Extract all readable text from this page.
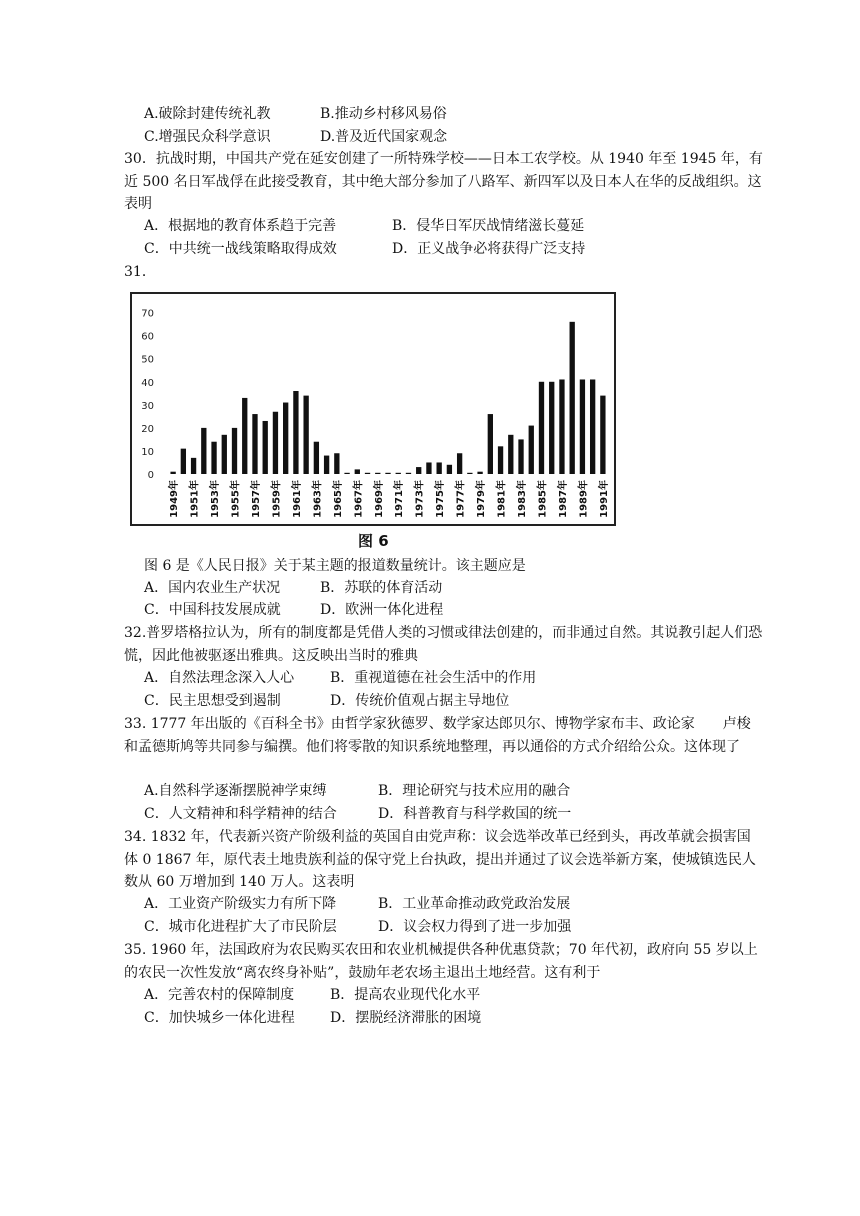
A.破除封建传统礼教	B.推动乡村移风易俗
C.增强民众科学意识	D.普及近代国家观念
30．抗战时期，中国共产党在延安创建了一所特殊学校——日本工农学校。从 1940 年至 1945 年，有近 500 名日军战俘在此接受教育，其中绝大部分参加了八路军、新四军以及日本人在华的反战组织。这表明
A．根据地的教育体系趋于完善	B．侵华日军厌战情绪滋长蔓延
C．中共统一战线策略取得成效	D．正义战争必将获得广泛支持
31．
0
10
20
30
40
50
60
70
1949年 1951年 1953年 1955年 1957年 1959年 1961年 1963年 1965年 1967年 1969年 1971年 1973年 1975年 1977年 1979年 1981年 1983年 1985年 1987年 1989年 1991年
图 6
图 6 是《人民日报》关于某主题的报道数量统计。该主题应是
A．国内农业生产状况	B．苏联的体育活动
C．中国科技发展成就	D．欧洲一体化进程
32.普罗塔格拉认为，所有的制度都是凭借人类的习惯或律法创建的，而非通过自然。其说教引起人们恐慌，因此他被驱逐出雅典。这反映出当时的雅典
A．自然法理念深入人心	B．重视道德在社会生活中的作用
C．民主思想受到遏制	D．传统价值观占据主导地位
33. 1777 年出版的《百科全书》由哲学家狄德罗、数学家达郎贝尔、博物学家布丰、政论家　　卢梭和孟德斯鸠等共同参与编撰。他们将零散的知识系统地整理，再以通俗的方式介绍给公众。这体现了
A.自然科学逐渐摆脱神学束缚	B．理论研究与技术应用的融合
C．人文精神和科学精神的结合	D．科普教育与科学救国的统一
34. 1832 年，代表新兴资产阶级利益的英国自由党声称：议会选举改革已经到头，再改革就会损害国体 0 1867 年，原代表土地贵族利益的保守党上台执政，提出并通过了议会选举新方案，使城镇选民人数从 60 万增加到 140 万人。这表明
A．工业资产阶级实力有所下降	B．工业革命推动政党政治发展
C．城市化进程扩大了市民阶层	D．议会权力得到了进一步加强
35. 1960 年，法国政府为农民购买农田和农业机械提供各种优惠贷款；70 年代初，政府向 55 岁以上的农民一次性发放“离农终身补贴”，鼓励年老农场主退出土地经营。这有利于
A．完善农村的保障制度	B．提高农业现代化水平
C．加快城乡一体化进程	D．摆脱经济滞胀的困境
